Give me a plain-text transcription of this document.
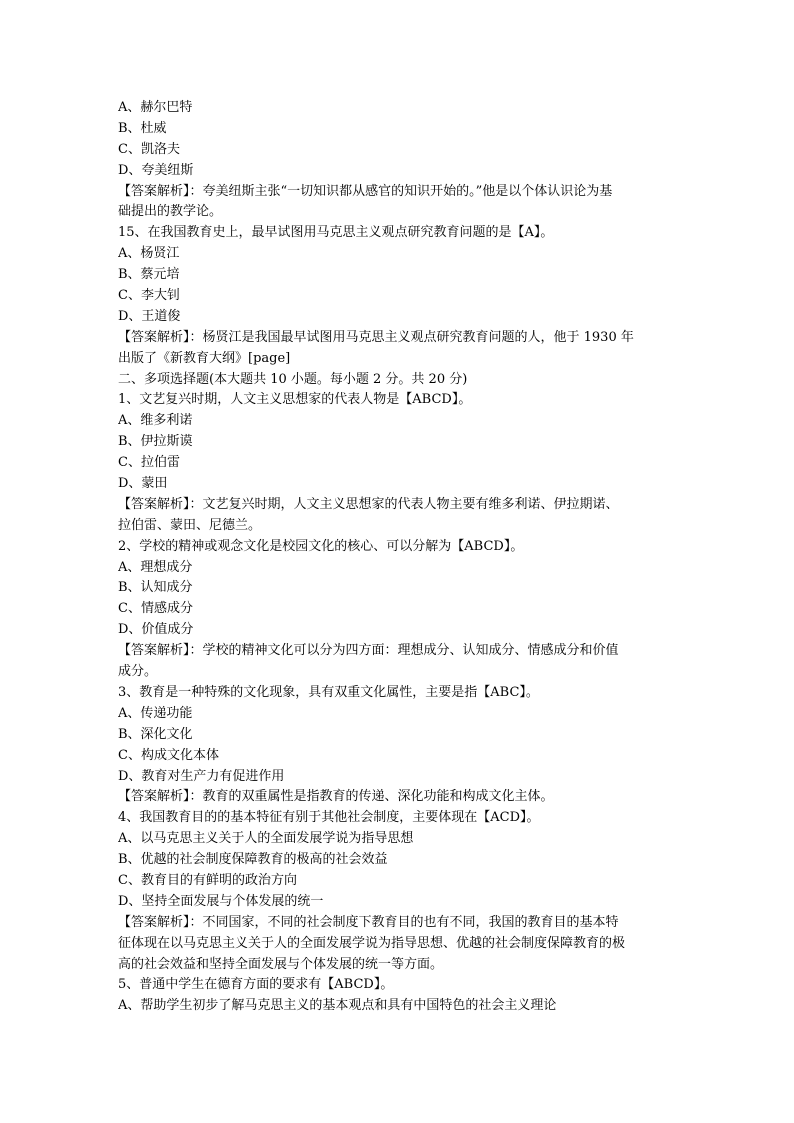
A、赫尔巴特
B、杜威
C、凯洛夫
D、夸美纽斯
【答案解析】：夸美纽斯主张“一切知识都从感官的知识开始的。”他是以个体认识论为基
础提出的教学论。
15、在我国教育史上，最早试图用马克思主义观点研究教育问题的是【A】。
A、杨贤江
B、蔡元培
C、李大钊
D、王道俊
【答案解析】：杨贤江是我国最早试图用马克思主义观点研究教育问题的人，他于 1930 年
出版了《新教育大纲》[page]
二、多项选择题(本大题共 10 小题。每小题 2 分。共 20 分)
1、文艺复兴时期，人文主义思想家的代表人物是【ABCD】。
A、维多利诺
B、伊拉斯谟
C、拉伯雷
D、蒙田
【答案解析】：文艺复兴时期，人文主义思想家的代表人物主要有维多利诺、伊拉期诺、
拉伯雷、蒙田、尼德兰。
2、学校的精神或观念文化是校园文化的核心、可以分解为【ABCD】。
A、理想成分
B、认知成分
C、情感成分
D、价值成分
【答案解析】：学校的精神文化可以分为四方面：理想成分、认知成分、情感成分和价值
成分。
3、教育是一种特殊的文化现象，具有双重文化属性，主要是指【ABC】。
A、传递功能
B、深化文化
C、构成文化本体
D、教育对生产力有促进作用
【答案解析】：教育的双重属性是指教育的传递、深化功能和构成文化主体。
4、我国教育目的的基本特征有别于其他社会制度，主要体现在【ACD】。
A、以马克思主义关于人的全面发展学说为指导思想
B、优越的社会制度保障教育的极高的社会效益
C、教育目的有鲜明的政治方向
D、坚持全面发展与个体发展的统一
【答案解析】：不同国家，不同的社会制度下教育目的也有不同，我国的教育目的基本特
征体现在以马克思主义关于人的全面发展学说为指导思想、优越的社会制度保障教育的极
高的社会效益和坚持全面发展与个体发展的统一等方面。
5、普通中学生在德育方面的要求有【ABCD】。
A、帮助学生初步了解马克思主义的基本观点和具有中国特色的社会主义理论
